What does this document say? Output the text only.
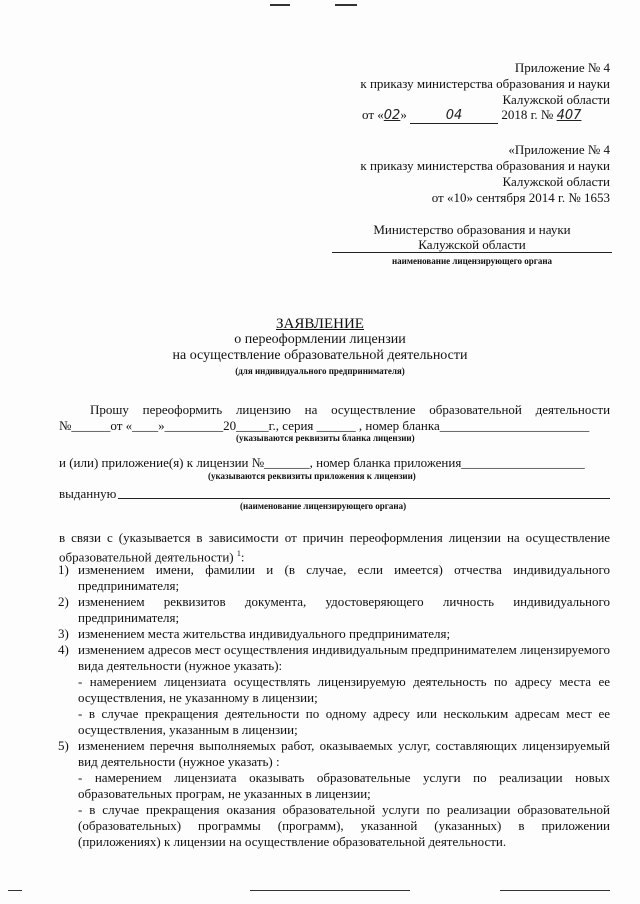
Приложение № 4
к приказу министерства образования и науки
Калужской области
от «02»	04	2018 г. № 407
«Приложение № 4
к приказу министерства образования и науки
Калужской области
от «10» сентября 2014 г. № 1653
Министерство образования и науки
Калужской области
наименование лицензирующего органа
ЗАЯВЛЕНИЕ
о переоформлении лицензии
на осуществление образовательной деятельности
(для индивидуального предпринимателя)
Прошу переоформить лицензию на осуществление образовательной деятельности
№______от «____»_________20_____г., серия ______ , номер бланка_______________________
(указываются реквизиты бланка лицензии)
и (или) приложение(я) к лицензии №_______, номер бланка приложения___________________
(указываются реквизиты приложения к лицензии)
выданную
(наименование лицензирующего органа)
в связи с (указывается в зависимости от причин переоформления лицензии на осуществление
образовательной деятельности) $^1$:
1) изменением имени, фамилии и (в случае, если имеется) отчества индивидуального предпринимателя;

2) изменением реквизитов документа, удостоверяющего личность индивидуального предпринимателя;

3) изменением места жительства индивидуального предпринимателя;

4) изменением адресов мест осуществления индивидуальным предпринимателем лицензируемого вида деятельности (нужное указать):

- намерением лицензиата осуществлять лицензируемую деятельность по адресу места ее осуществления, не указанному в лицензии;

- в случае прекращения деятельности по одному адресу или нескольким адресам мест ее осуществления, указанным в лицензии;

5) изменением перечня выполняемых работ, оказываемых услуг, составляющих лицензируемый вид деятельности (нужное указать) :

- намерением лицензиата оказывать образовательные услуги по реализации новых образовательных програм, не указанных в лицензии;

- в случае прекращения оказания образовательной услуги по реализации образовательной (образовательных) программы (программ), указанной (указанных) в приложении (приложениях) к лицензии на осуществление образовательной деятельности.
